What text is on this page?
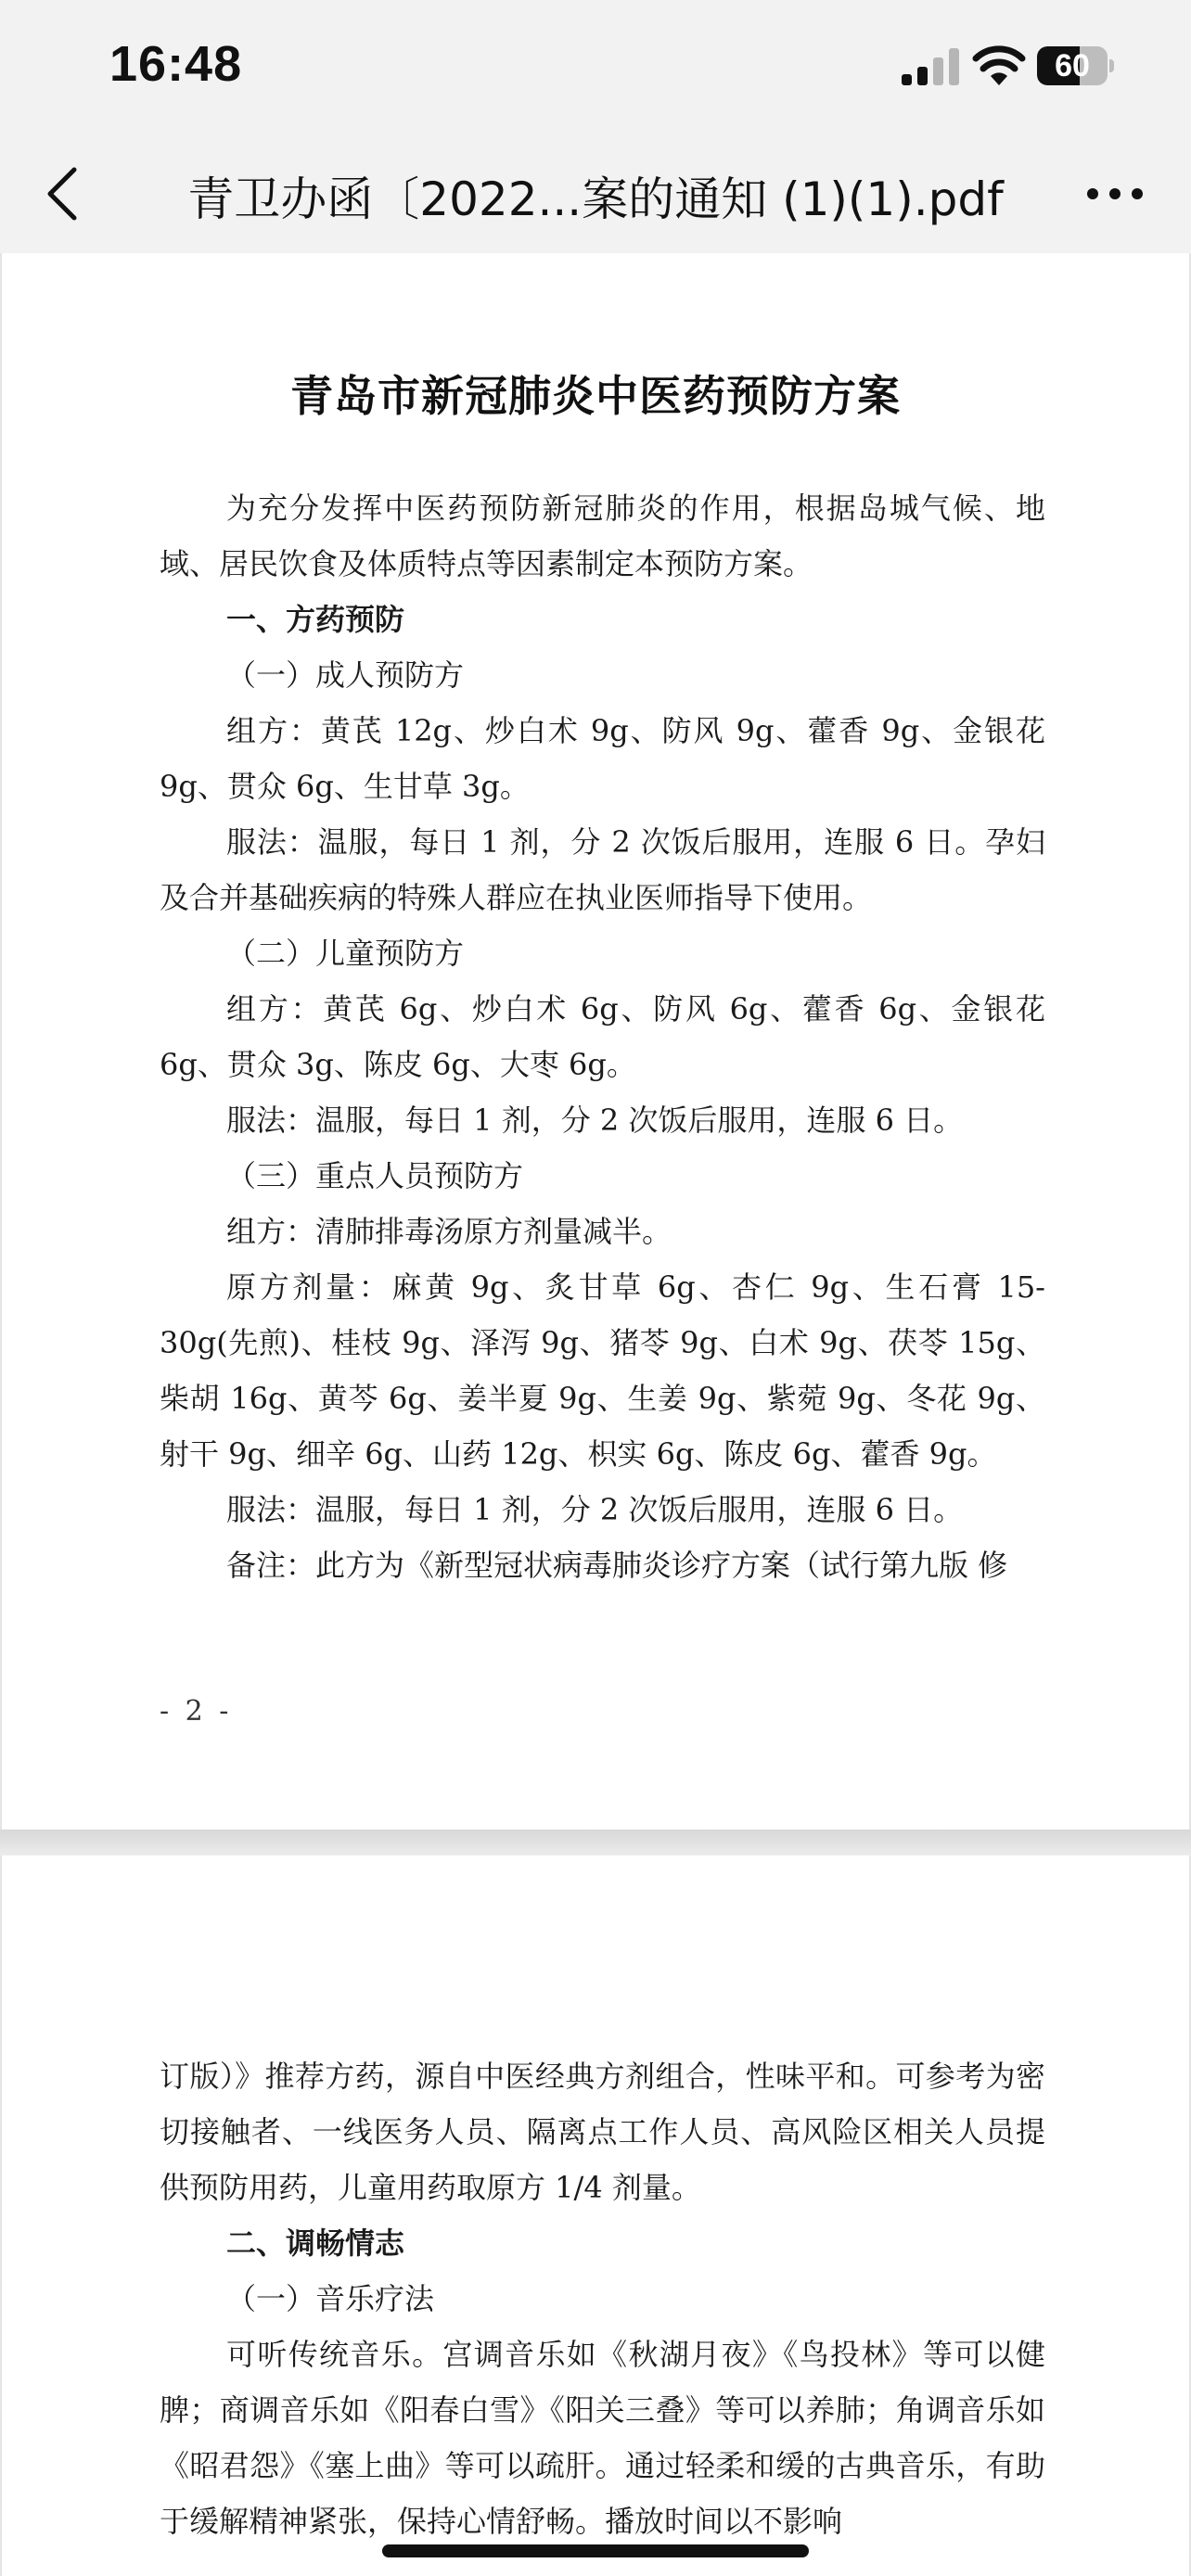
16:48	60
青卫办函〔2022...案的通知 (1)(1).pdf
青岛市新冠肺炎中医药预防方案
为充分发挥中医药预防新冠肺炎的作用，根据岛城气候、地域、居民饮食及体质特点等因素制定本预防方案。
一、方药预防
（一）成人预防方
组方：黄芪 12g、炒白术 9g、防风 9g、藿香 9g、金银花 9g、贯众 6g、生甘草 3g。
服法：温服，每日 1 剂，分 2 次饭后服用，连服 6 日。孕妇及合并基础疾病的特殊人群应在执业医师指导下使用。
（二）儿童预防方
组方：黄芪 6g、炒白术 6g、防风 6g、藿香 6g、金银花 6g、贯众 3g、陈皮 6g、大枣 6g。
服法：温服，每日 1 剂，分 2 次饭后服用，连服 6 日。
（三）重点人员预防方
组方：清肺排毒汤原方剂量减半。
原方剂量：麻黄 9g、炙甘草 6g、杏仁 9g、生石膏 15-30g(先煎)、桂枝 9g、泽泻 9g、猪苓 9g、白术 9g、茯苓 15g、柴胡 16g、黄芩 6g、姜半夏 9g、生姜 9g、紫菀 9g、冬花 9g、射干 9g、细辛 6g、山药 12g、枳实 6g、陈皮 6g、藿香 9g。
服法：温服，每日 1 剂，分 2 次饭后服用，连服 6 日。
备注：此方为《新型冠状病毒肺炎诊疗方案（试行第九版 修
- 2 -
订版）》推荐方药，源自中医经典方剂组合，性味平和。可参考为密切接触者、一线医务人员、隔离点工作人员、高风险区相关人员提供预防用药，儿童用药取原方 1/4 剂量。
二、调畅情志
（一）音乐疗法
可听传统音乐。宫调音乐如《秋湖月夜》《鸟投林》等可以健脾；商调音乐如《阳春白雪》《阳关三叠》等可以养肺；角调音乐如《昭君怨》《塞上曲》等可以疏肝。通过轻柔和缓的古典音乐，有助于缓解精神紧张，保持心情舒畅。播放时间以不影响
